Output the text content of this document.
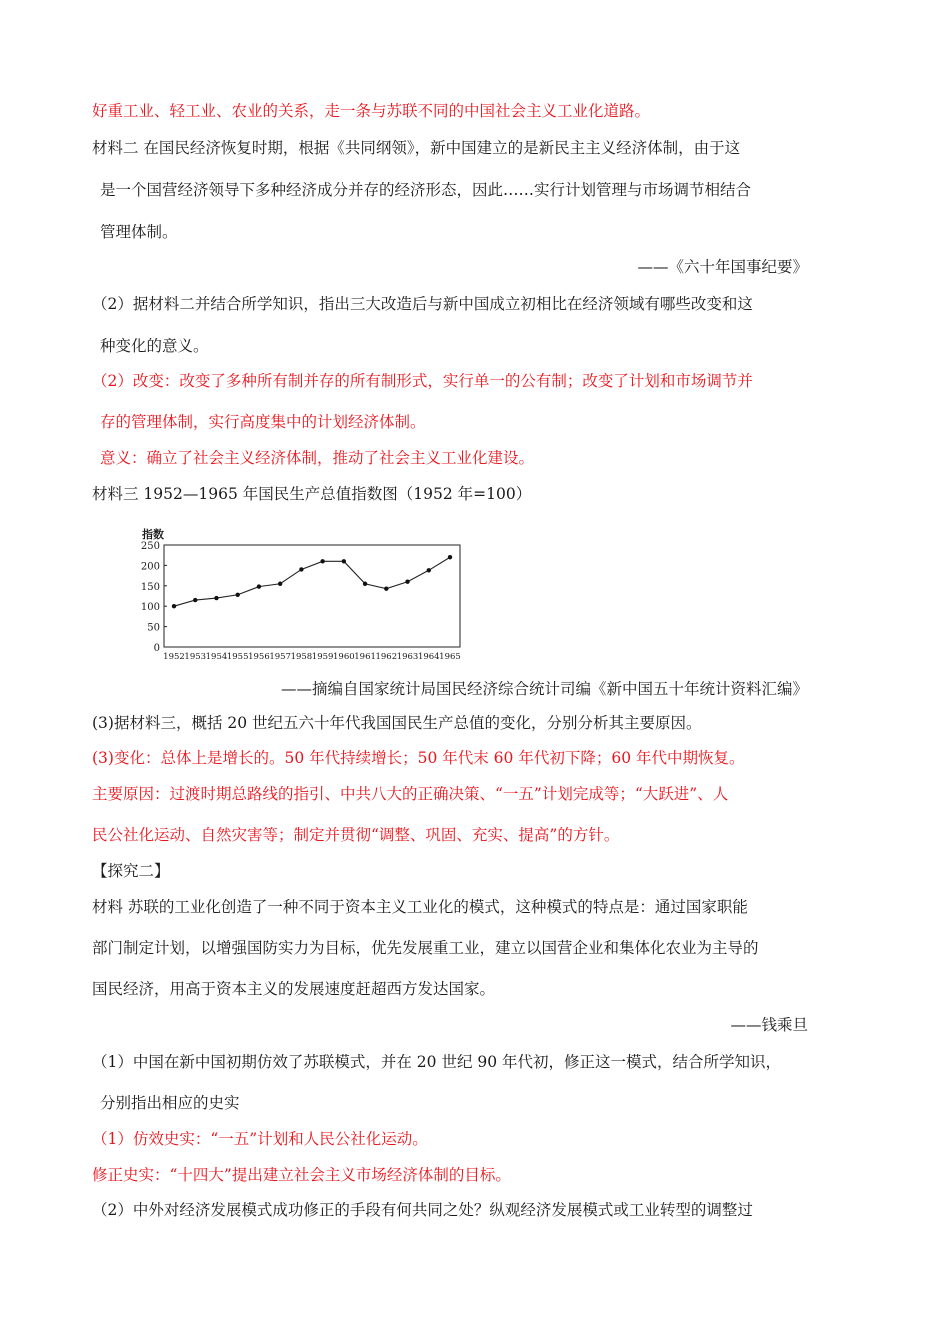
好重工业、轻工业、农业的关系，走一条与苏联不同的中国社会主义工业化道路。
材料二 在国民经济恢复时期，根据《共同纲领》，新中国建立的是新民主主义经济体制，由于这
是一个国营经济领导下多种经济成分并存的经济形态，因此……实行计划管理与市场调节相结合
管理体制。
——《六十年国事纪要》
（2）据材料二并结合所学知识，指出三大改造后与新中国成立初相比在经济领域有哪些改变和这
种变化的意义。
（2）改变：改变了多种所有制并存的所有制形式，实行单一的公有制；改变了计划和市场调节并
存的管理体制，实行高度集中的计划经济体制。
意义：确立了社会主义经济体制，推动了社会主义工业化建设。
材料三 1952—1965 年国民生产总值指数图（1952 年=100）
指数
0
50
100
150
200
250
1952 1953 1954 1955 1956 1957 1958 1959 1960 1961 1962 1963 1964 1965
——摘编自国家统计局国民经济综合统计司编《新中国五十年统计资料汇编》
(3)据材料三，概括 20 世纪五六十年代我国国民生产总值的变化，分别分析其主要原因。
(3)变化：总体上是增长的。50 年代持续增长；50 年代末 60 年代初下降；60 年代中期恢复。
主要原因：过渡时期总路线的指引、中共八大的正确决策、“一五”计划完成等；“大跃进”、人
民公社化运动、自然灾害等；制定并贯彻“调整、巩固、充实、提高”的方针。
【探究二】
材料 苏联的工业化创造了一种不同于资本主义工业化的模式，这种模式的特点是：通过国家职能
部门制定计划，以增强国防实力为目标，优先发展重工业，建立以国营企业和集体化农业为主导的
国民经济，用高于资本主义的发展速度赶超西方发达国家。
——钱乘旦
（1）中国在新中国初期仿效了苏联模式，并在 20 世纪 90 年代初，修正这一模式，结合所学知识，
分别指出相应的史实
（1）仿效史实：“一五”计划和人民公社化运动。
修正史实：“十四大”提出建立社会主义市场经济体制的目标。
（2）中外对经济发展模式成功修正的手段有何共同之处？纵观经济发展模式或工业转型的调整过
